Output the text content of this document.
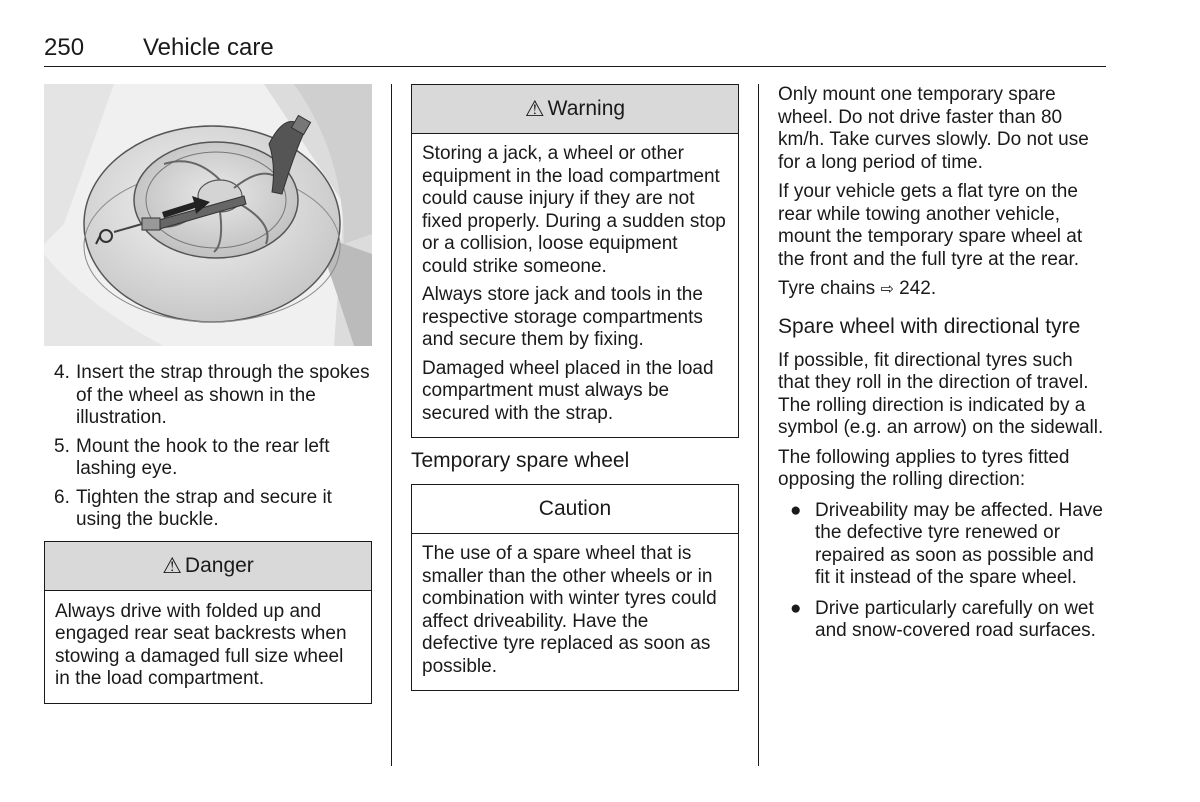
250 Vehicle care
4. Insert the strap through the spokes of the wheel as shown in the illustration.
5. Mount the hook to the rear left lashing eye.
6. Tighten the strap and secure it using the buckle.
⚠ Danger

Always drive with folded up and engaged rear seat backrests when stowing a damaged full size wheel in the load compartment.

⚠ Warning

Storing a jack, a wheel or other equipment in the load compartment could cause injury if they are not fixed properly. During a sudden stop or a collision, loose equipment could strike someone.

Always store jack and tools in the respective storage compartments and secure them by fixing.

Damaged wheel placed in the load compartment must always be secured with the strap.

Temporary spare wheel
Caution

The use of a spare wheel that is smaller than the other wheels or in combination with winter tyres could affect driveability. Have the defective tyre replaced as soon as possible.

Only mount one temporary spare wheel. Do not drive faster than 80 km/h. Take curves slowly. Do not use for a long period of time.

If your vehicle gets a flat tyre on the rear while towing another vehicle, mount the temporary spare wheel at the front and the full tyre at the rear.

Tyre chains ⇨ 242.

Spare wheel with directional tyre

If possible, fit directional tyres such that they roll in the direction of travel. The rolling direction is indicated by a symbol (e.g. an arrow) on the sidewall.

The following applies to tyres fitted opposing the rolling direction:

● Driveability may be affected. Have the defective tyre renewed or repaired as soon as possible and fit it instead of the spare wheel.
● Drive particularly carefully on wet and snow-covered road surfaces.
